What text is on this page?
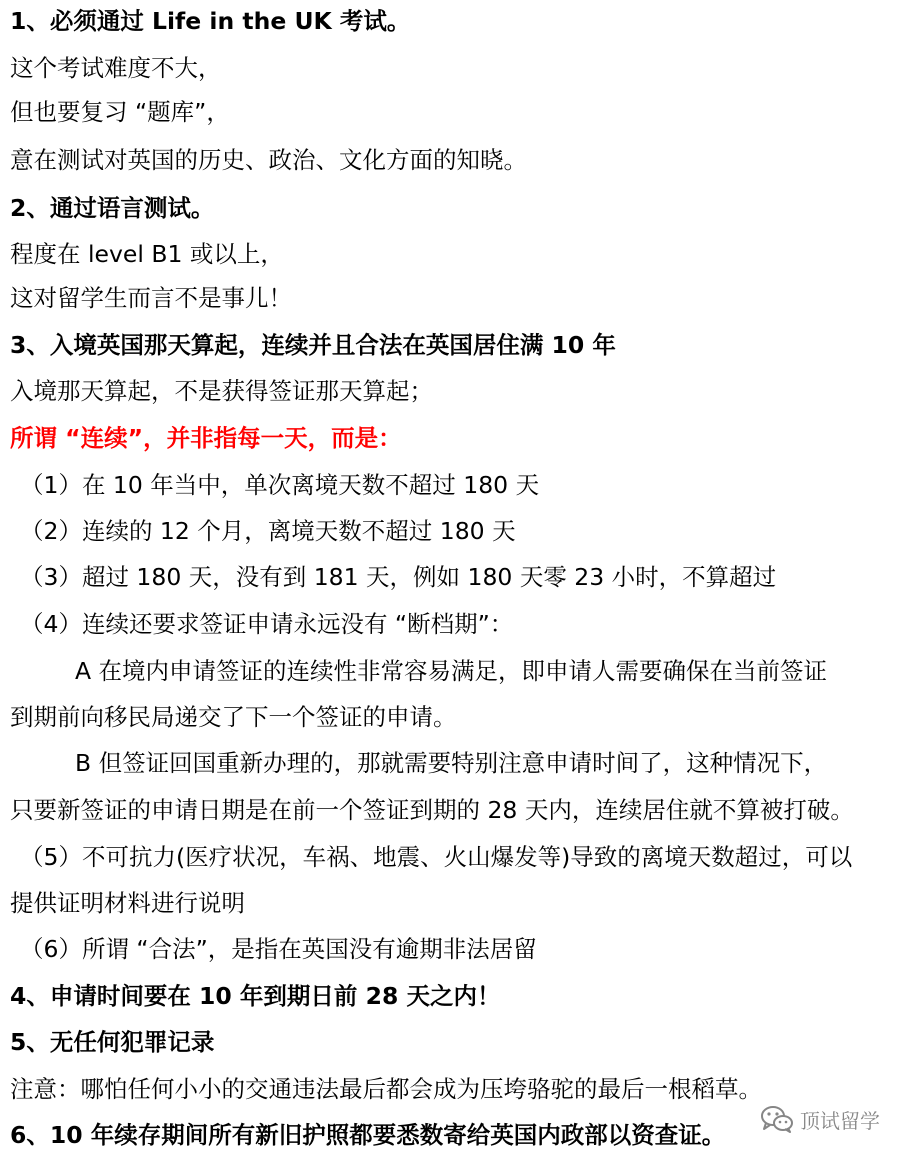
1、必须通过 Life in the UK 考试。
这个考试难度不大，
但也要复习 “题库”，
意在测试对英国的历史、政治、文化方面的知晓。
2、通过语言测试。
程度在 level B1 或以上，
这对留学生而言不是事儿！
3、入境英国那天算起，连续并且合法在英国居住满 10 年
入境那天算起，不是获得签证那天算起；
所谓 “连续”，并非指每一天，而是：
（1）在 10 年当中，单次离境天数不超过 180 天
（2）连续的 12 个月，离境天数不超过 180 天
（3）超过 180 天，没有到 181 天，例如 180 天零 23 小时，不算超过
（4）连续还要求签证申请永远没有 “断档期”：
A 在境内申请签证的连续性非常容易满足，即申请人需要确保在当前签证
到期前向移民局递交了下一个签证的申请。
B 但签证回国重新办理的，那就需要特别注意申请时间了，这种情况下，
只要新签证的申请日期是在前一个签证到期的 28 天内，连续居住就不算被打破。
（5）不可抗力(医疗状况，车祸、地震、火山爆发等)导致的离境天数超过，可以
提供证明材料进行说明
（6）所谓 “合法”，是指在英国没有逾期非法居留
4、申请时间要在 10 年到期日前 28 天之内！
5、无任何犯罪记录
注意：哪怕任何小小的交通违法最后都会成为压垮骆驼的最后一根稻草。
6、10 年续存期间所有新旧护照都要悉数寄给英国内政部以资查证。
顶试留学
